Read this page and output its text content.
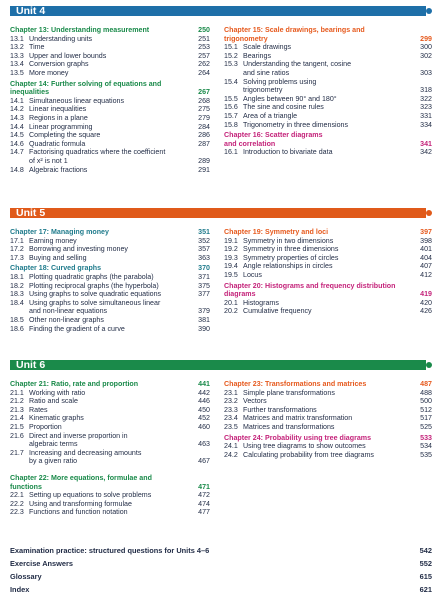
Unit 4
Chapter 13: Understanding measurement	250
13.1 Understanding units	251
13.2 Time	253
13.3 Upper and lower bounds	257
13.4 Conversion graphs	262
13.5 More money	264
Chapter 14: Further solving of equations and
inequalities	267
14.1 Simultaneous linear equations	268
14.2 Linear inequalities	275
14.3 Regions in a plane	279
14.4 Linear programming	284
14.5 Completing the square	286
14.6 Quadratic formula	287
14.7 Factorising quadratics where the coefficient
of x² is not 1	289
14.8 Algebraic fractions	291
Chapter 15: Scale drawings, bearings and
trigonometry	299
15.1 Scale drawings	300
15.2 Bearings	302
15.3 Understanding the tangent, cosine
and sine ratios	303
15.4 Solving problems using
trigonometry	318
15.5 Angles between 90° and 180°	322
15.6 The sine and cosine rules	323
15.7 Area of a triangle	331
15.8 Trigonometry in three dimensions	334
Chapter 16: Scatter diagrams
and correlation	341
16.1 Introduction to bivariate data	342
Unit 5
Chapter 17: Managing money	351
17.1 Earning money	352
17.2 Borrowing and investing money	357
17.3 Buying and selling	363
Chapter 18: Curved graphs	370
18.1 Plotting quadratic graphs (the parabola)	371
18.2 Plotting reciprocal graphs (the hyperbola)	375
18.3 Using graphs to solve quadratic equations	377
18.4 Using graphs to solve simultaneous linear
and non-linear equations	379
18.5 Other non-linear graphs	381
18.6 Finding the gradient of a curve	390
Chapter 19: Symmetry and loci	397
19.1 Symmetry in two dimensions	398
19.2 Symmetry in three dimensions	401
19.3 Symmetry properties of circles	404
19.4 Angle relationships in circles	407
19.5 Locus	412
Chapter 20: Histograms and frequency distribution
diagrams	419
20.1 Histograms	420
20.2 Cumulative frequency	426
Unit 6
Chapter 21: Ratio, rate and proportion	441
21.1 Working with ratio	442
21.2 Ratio and scale	446
21.3 Rates	450
21.4 Kinematic graphs	452
21.5 Proportion	460
21.6 Direct and inverse proportion in
algebraic terms	463
21.7 Increasing and decreasing amounts
by a given ratio	467
Chapter 22: More equations, formulae and
functions	471
22.1 Setting up equations to solve problems	472
22.2 Using and transforming formulae	474
22.3 Functions and function notation	477
Chapter 23: Transformations and matrices	487
23.1 Simple plane transformations	488
23.2 Vectors	500
23.3 Further transformations	512
23.4 Matrices and matrix transformation	517
23.5 Matrices and transformations	525
Chapter 24: Probability using tree diagrams	533
24.1 Using tree diagrams to show outcomes	534
24.2 Calculating probability from tree diagrams	535
Examination practice: structured questions for Units 4–6	542
Exercise Answers	552
Glossary	615
Index	621
